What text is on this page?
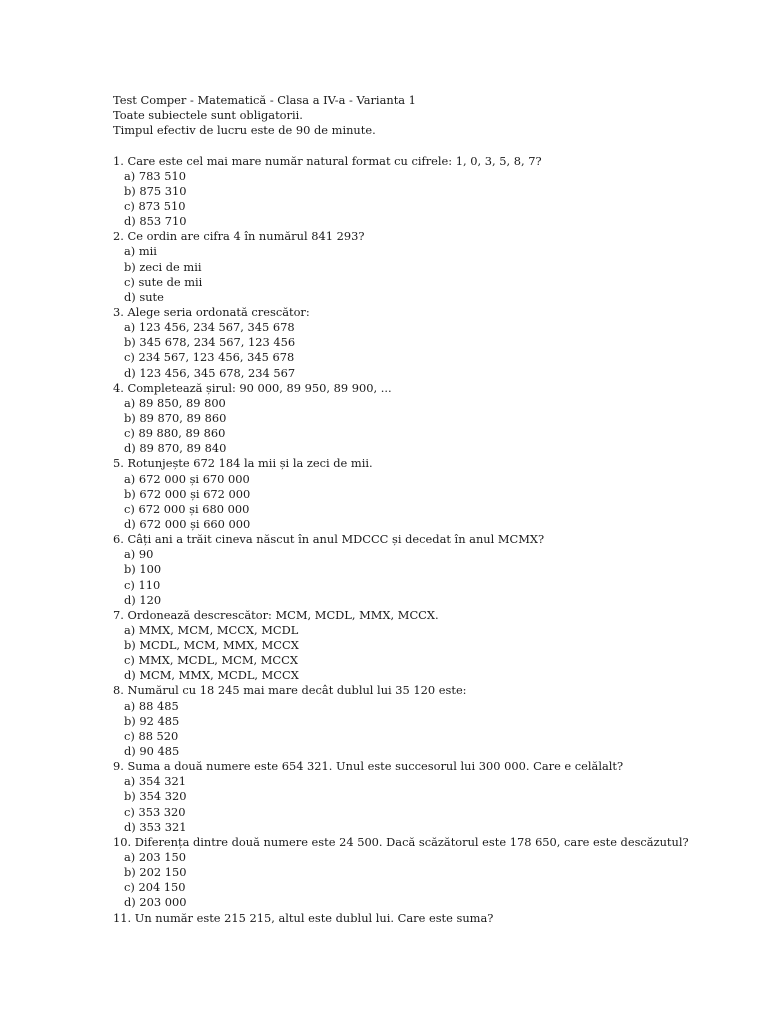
Test Comper - Matematică - Clasa a IV-a - Varianta 1
Toate subiectele sunt obligatorii.
Timpul efectiv de lucru este de 90 de minute.
1. Care este cel mai mare număr natural format cu cifrele: 1, 0, 3, 5, 8, 7?
a) 783 510
b) 875 310
c) 873 510
d) 853 710
2. Ce ordin are cifra 4 în numărul 841 293?
a) mii
b) zeci de mii
c) sute de mii
d) sute
3. Alege seria ordonată crescător:
a) 123 456, 234 567, 345 678
b) 345 678, 234 567, 123 456
c) 234 567, 123 456, 345 678
d) 123 456, 345 678, 234 567
4. Completează șirul: 90 000, 89 950, 89 900, ...
a) 89 850, 89 800
b) 89 870, 89 860
c) 89 880, 89 860
d) 89 870, 89 840
5. Rotunjește 672 184 la mii și la zeci de mii.
a) 672 000 și 670 000
b) 672 000 și 672 000
c) 672 000 și 680 000
d) 672 000 și 660 000
6. Câți ani a trăit cineva născut în anul MDCCC și decedat în anul MCMX?
a) 90
b) 100
c) 110
d) 120
7. Ordonează descrescător: MCM, MCDL, MMX, MCCX.
a) MMX, MCM, MCCX, MCDL
b) MCDL, MCM, MMX, MCCX
c) MMX, MCDL, MCM, MCCX
d) MCM, MMX, MCDL, MCCX
8. Numărul cu 18 245 mai mare decât dublul lui 35 120 este:
a) 88 485
b) 92 485
c) 88 520
d) 90 485
9. Suma a două numere este 654 321. Unul este succesorul lui 300 000. Care e celălalt?
a) 354 321
b) 354 320
c) 353 320
d) 353 321
10. Diferența dintre două numere este 24 500. Dacă scăzătorul este 178 650, care este descăzutul?
a) 203 150
b) 202 150
c) 204 150
d) 203 000
11. Un număr este 215 215, altul este dublul lui. Care este suma?
